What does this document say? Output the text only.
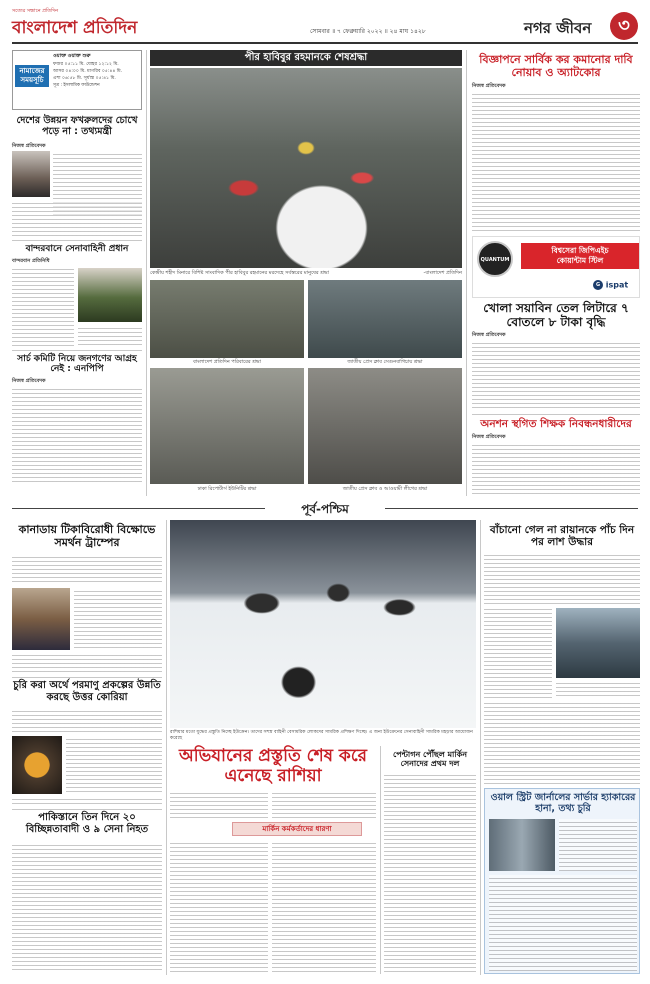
সত্যের সন্ধানে প্রতিদিন
বাংলাদেশ প্রতিদিন	সোমবার ॥ ৭ ফেব্রুয়ারি ২০২২ ॥ ২৪ মাঘ ১৪২৮	নগর জীবন	৩
নামাজের সময়সূচি
ওয়াক্ত ওয়াক্ত শুরু
ফজর ০৫:১১ মি. যোহর ১২:১২ মি.
আসর ০৪:০০ মি. মাগরিব ০৫:৪৪ মি.
এশা ০৬:৫৮ মি. সূর্যাস্ত ০৫:৪১ মি.
সূত্র : ইসলামিক ফাউন্ডেশন
দেশের উন্নয়ন ফখরুলদের চোখে পড়ে না : তথ্যমন্ত্রী
নিজস্ব প্রতিবেদক
বান্দরবানে সেনাবাহিনী প্রধান
বান্দরবান প্রতিনিধি
সার্চ কমিটি নিয়ে জনগণের আগ্রহ নেই : এনপিপি
নিজস্ব প্রতিবেদক
পীর হাবিবুর রহমানকে শেষশ্রদ্ধা
কেন্দ্রীয় শহীদ মিনারে বিশিষ্ট সাংবাদিক পীর হাবিবুর রহমানের মরদেহে সর্বস্তরের মানুষের শ্রদ্ধা	-বাংলাদেশ প্রতিদিন
বাংলাদেশ প্রতিদিন পরিবারের শ্রদ্ধা	জাতীয় প্রেস ক্লাব সেগুনবাগিচায় শ্রদ্ধা
ঢাকা রিপোর্টার্স ইউনিটির শ্রদ্ধা	জাতীয় প্রেস ক্লাব ও আওয়ামী লীগের শ্রদ্ধা
বিজ্ঞাপনে সার্বিক কর কমানোর দাবি নোয়াব ও অ্যাটকোর
নিজস্ব প্রতিবেদক
QUANTUM
বিশ্বসেরা জিপিএইচ
কোয়ান্টাম স্টিল
G ispat
খোলা সয়াবিন তেল লিটারে ৭ বোতলে ৮ টাকা বৃদ্ধি
নিজস্ব প্রতিবেদক
অনশন স্থগিত শিক্ষক নিবন্ধনধারীদের
নিজস্ব প্রতিবেদক
পূর্ব-পশ্চিম
কানাডায় টিকাবিরোধী বিক্ষোভে সমর্থন ট্রাম্পের
চুরি করা অর্থে পরমাণু প্রকল্পের উন্নতি করছে উত্তর কোরিয়া
পাকিস্তানে তিন দিনে ২০ বিচ্ছিন্নতাবাদী ও ৯ সেনা নিহত
রাশিয়ার মতো যুদ্ধের প্রস্তুতি নিচ্ছে ইউক্রেন। তাদের সশস্ত্র বাহিনী বেসামরিক লোকদের সামরিক প্রশিক্ষণ দিচ্ছে। এ জন্য ইউক্রেনের সেনাবাহিনী সামরিক মহড়ার আয়োজন করেছে
অভিযানের প্রস্তুতি শেষ করে এনেছে রাশিয়া
মার্কিন কর্মকর্তাদের ধারণা
পেন্টাগন পৌঁছল মার্কিন সেনাদের প্রথম দল
বাঁচানো গেল না রায়ানকে পাঁচ দিন পর লাশ উদ্ধার
ওয়াল স্ট্রিট জার্নালের সার্ভার হ্যাকারের হানা, তথ্য চুরি
